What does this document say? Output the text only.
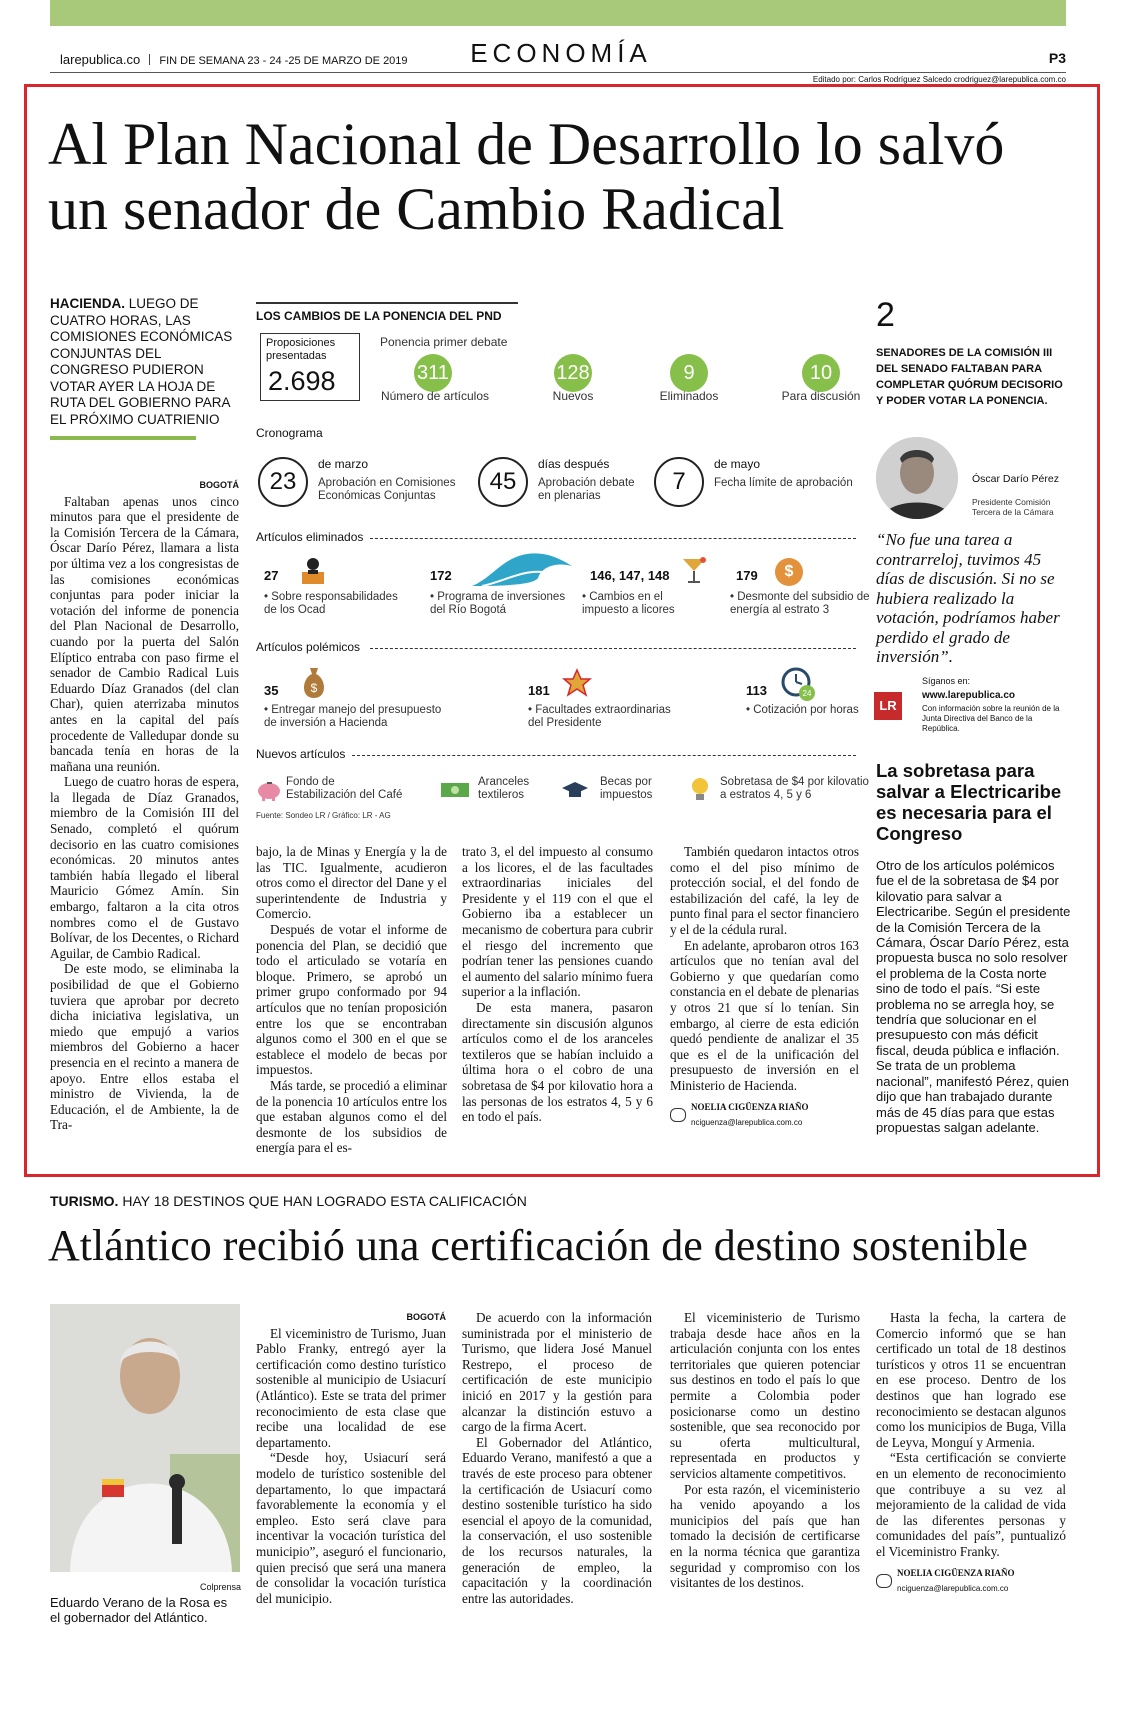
larepublica.co FIN DE SEMANA 23 - 24 -25 DE MARZO DE 2019	ECONOMÍA	P3
Editado por: Carlos Rodríguez Salcedo crodriguez@larepublica.com.co
Al Plan Nacional de Desarrollo lo salvó un senador de Cambio Radical
HACIENDA. LUEGO DE CUATRO HORAS, LAS COMISIONES ECONÓMICAS CONJUNTAS DEL CONGRESO PUDIERON VOTAR AYER LA HOJA DE RUTA DEL GOBIERNO PARA EL PRÓXIMO CUATRIENIO
BOGOTÁ

Faltaban apenas unos cinco minutos para que el presidente de la Comisión Tercera de la Cámara, Óscar Darío Pérez, llamara a lista por última vez a los congresistas de las comisiones económicas conjuntas para poder iniciar la votación del informe de ponencia del Plan Nacional de Desarrollo, cuando por la puerta del Salón Elíptico entraba con paso firme el senador de Cambio Radical Luis Eduardo Díaz Granados (del clan Char), quien aterrizaba minutos antes en la capital del país procedente de Valledupar donde su bancada tenía en horas de la mañana una reunión.

Luego de cuatro horas de espera, la llegada de Díaz Granados, miembro de la Comisión III del Senado, completó el quórum decisorio en las cuatro comisiones económicas. 20 minutos antes también había llegado el liberal Mauricio Gómez Amín. Sin embargo, faltaron a la cita otros nombres como el de Gustavo Bolívar, de los Decentes, o Richard Aguilar, de Cambio Radical.

De este modo, se eliminaba la posibilidad de que el Gobierno tuviera que aprobar por decreto dicha iniciativa legislativa, un miedo que empujó a varios miembros del Gobierno a hacer presencia en el recinto a manera de apoyo. Entre ellos estaba el ministro de Vivienda, la de Educación, el de Ambiente, la de Tra-

bajo, la de Minas y Energía y la de las TIC. Igualmente, acudieron otros como el director del Dane y el superintendente de Industria y Comercio.

Después de votar el informe de ponencia del Plan, se decidió que todo el articulado se votaría en bloque. Primero, se aprobó un primer grupo conformado por 94 artículos que no tenían proposición entre los que se encontraban algunos como el 300 en el que se establece el modelo de becas por impuestos.

Más tarde, se procedió a eliminar de la ponencia 10 artículos entre los que estaban algunos como el del desmonte de los subsidios de energía para el es-

trato 3, el del impuesto al consumo a los licores, el de las facultades extraordinarias iniciales del Presidente y el 119 con el que el Gobierno iba a establecer un mecanismo de cobertura para cubrir el riesgo del incremento que podrían tener las pensiones cuando el aumento del salario mínimo fuera superior a la inflación.

De esta manera, pasaron directamente sin discusión algunos artículos como el de los aranceles textileros que se habían incluido a última hora o el cobro de una sobretasa de $4 por kilovatio hora a las personas de los estratos 4, 5 y 6 en todo el país.

También quedaron intactos otros como el del piso mínimo de protección social, el del fondo de estabilización del café, la ley de punto final para el sector financiero y el de la cédula rural.

En adelante, aprobaron otros 163 artículos que no tenían aval del Gobierno y que quedarían como constancia en el debate de plenarias y otros 21 que sí lo tenían. Sin embargo, al cierre de esta edición quedó pendiente de analizar el 35 que es el de la unificación del presupuesto de inversión en el Ministerio de Hacienda.

NOELIA CIGÜENZA RIAÑO
nciguenza@larepublica.com.co
LOS CAMBIOS DE LA PONENCIA DEL PND
Proposiciones presentadas
2.698
Ponencia primer debate
311
Número de artículos
128
Nuevos
9
Eliminados
10
Para discusión
Cronograma
23
de marzo
Aprobación en Comisiones Económicas Conjuntas
45
días después
Aprobación debate en plenarias
7
de mayo
Fecha límite de aprobación
Artículos eliminados
27
• Sobre responsabilidades de los Ocad
172
• Programa de inversiones del Río Bogotá
146, 147, 148
• Cambios en el impuesto a licores
179	$
• Desmonte del subsidio de energía al estrato 3
Artículos polémicos
35	$
• Entregar manejo del presupuesto de inversión a Hacienda
181
• Facultades extraordinarias del Presidente
113	24
• Cotización por horas
Nuevos artículos
Fondo de Estabilización del Café
Aranceles textileros
Becas por impuestos
Sobretasa de $4 por kilovatio a estratos 4, 5 y 6
Fuente: Sondeo LR / Gráfico: LR - AG
2
SENADORES DE LA COMISIÓN III DEL SENADO FALTABAN PARA COMPLETAR QUÓRUM DECISORIO Y PODER VOTAR LA PONENCIA.
Óscar Darío Pérez
Presidente Comisión Tercera de la Cámara
“No fue una tarea a contrarreloj, tuvimos 45 días de discusión. Si no se hubiera realizado la votación, podríamos haber perdido el grado de inversión”.
Síganos en:
LR
www.larepublica.co
Con información sobre la reunión de la Junta Directiva del Banco de la República.
La sobretasa para salvar a Electricaribe es necesaria para el Congreso
Otro de los artículos polémicos fue el de la sobretasa de $4 por kilovatio para salvar a Electricaribe. Según el presidente de la Comisión Tercera de la Cámara, Óscar Darío Pérez, esta propuesta busca no solo resolver el problema de la Costa norte sino de todo el país. “Si este problema no se arregla hoy, se tendría que solucionar en el presupuesto con más déficit fiscal, deuda pública e inflación. Se trata de un problema nacional”, manifestó Pérez, quien dijo que han trabajado durante más de 45 días para que estas propuestas salgan adelante.
TURISMO. HAY 18 DESTINOS QUE HAN LOGRADO ESTA CALIFICACIÓN
Atlántico recibió una certificación de destino sostenible
Colprensa
Eduardo Verano de la Rosa es el gobernador del Atlántico.
BOGOTÁ

El viceministro de Turismo, Juan Pablo Franky, entregó ayer la certificación como destino turístico sostenible al municipio de Usiacurí (Atlántico). Este se trata del primer reconocimiento de esta clase que recibe una localidad de ese departamento.

“Desde hoy, Usiacurí será modelo de turístico sostenible del departamento, lo que impactará favorablemente la economía y el empleo. Esto será clave para incentivar la vocación turística del municipio”, aseguró el funcionario, quien precisó que será una manera de consolidar la vocación turística del municipio.

De acuerdo con la información suministrada por el ministerio de Turismo, que lidera José Manuel Restrepo, el proceso de certificación de este municipio inició en 2017 y la gestión para alcanzar la distinción estuvo a cargo de la firma Acert.

El Gobernador del Atlántico, Eduardo Verano, manifestó a que a través de este proceso para obtener la certificación de Usiacurí como destino sostenible turístico ha sido esencial el apoyo de la comunidad, la conservación, el uso sostenible de los recursos naturales, la generación de empleo, la capacitación y la coordinación entre las autoridades.

El viceministerio de Turismo trabaja desde hace años en la articulación conjunta con los entes territoriales que quieren potenciar sus destinos en todo el país lo que permite a Colombia poder posicionarse como un destino sostenible, que sea reconocido por su oferta multicultural, representada en productos y servicios altamente competitivos.

Por esta razón, el viceministerio ha venido apoyando a los municipios del país que han tomado la decisión de certificarse en la norma técnica que garantiza seguridad y compromiso con los visitantes de los destinos.

Hasta la fecha, la cartera de Comercio informó que se han certificado un total de 18 destinos turísticos y otros 11 se encuentran en ese proceso. Dentro de los destinos que han logrado ese reconocimiento se destacan algunos como los municipios de Buga, Villa de Leyva, Monguí y Armenia.

“Esta certificación se convierte en un elemento de reconocimiento que contribuye a su vez al mejoramiento de la calidad de vida de las diferentes personas y comunidades del país”, puntualizó el Viceministro Franky.

NOELIA CIGÜENZA RIAÑO
nciguenza@larepublica.com.co
